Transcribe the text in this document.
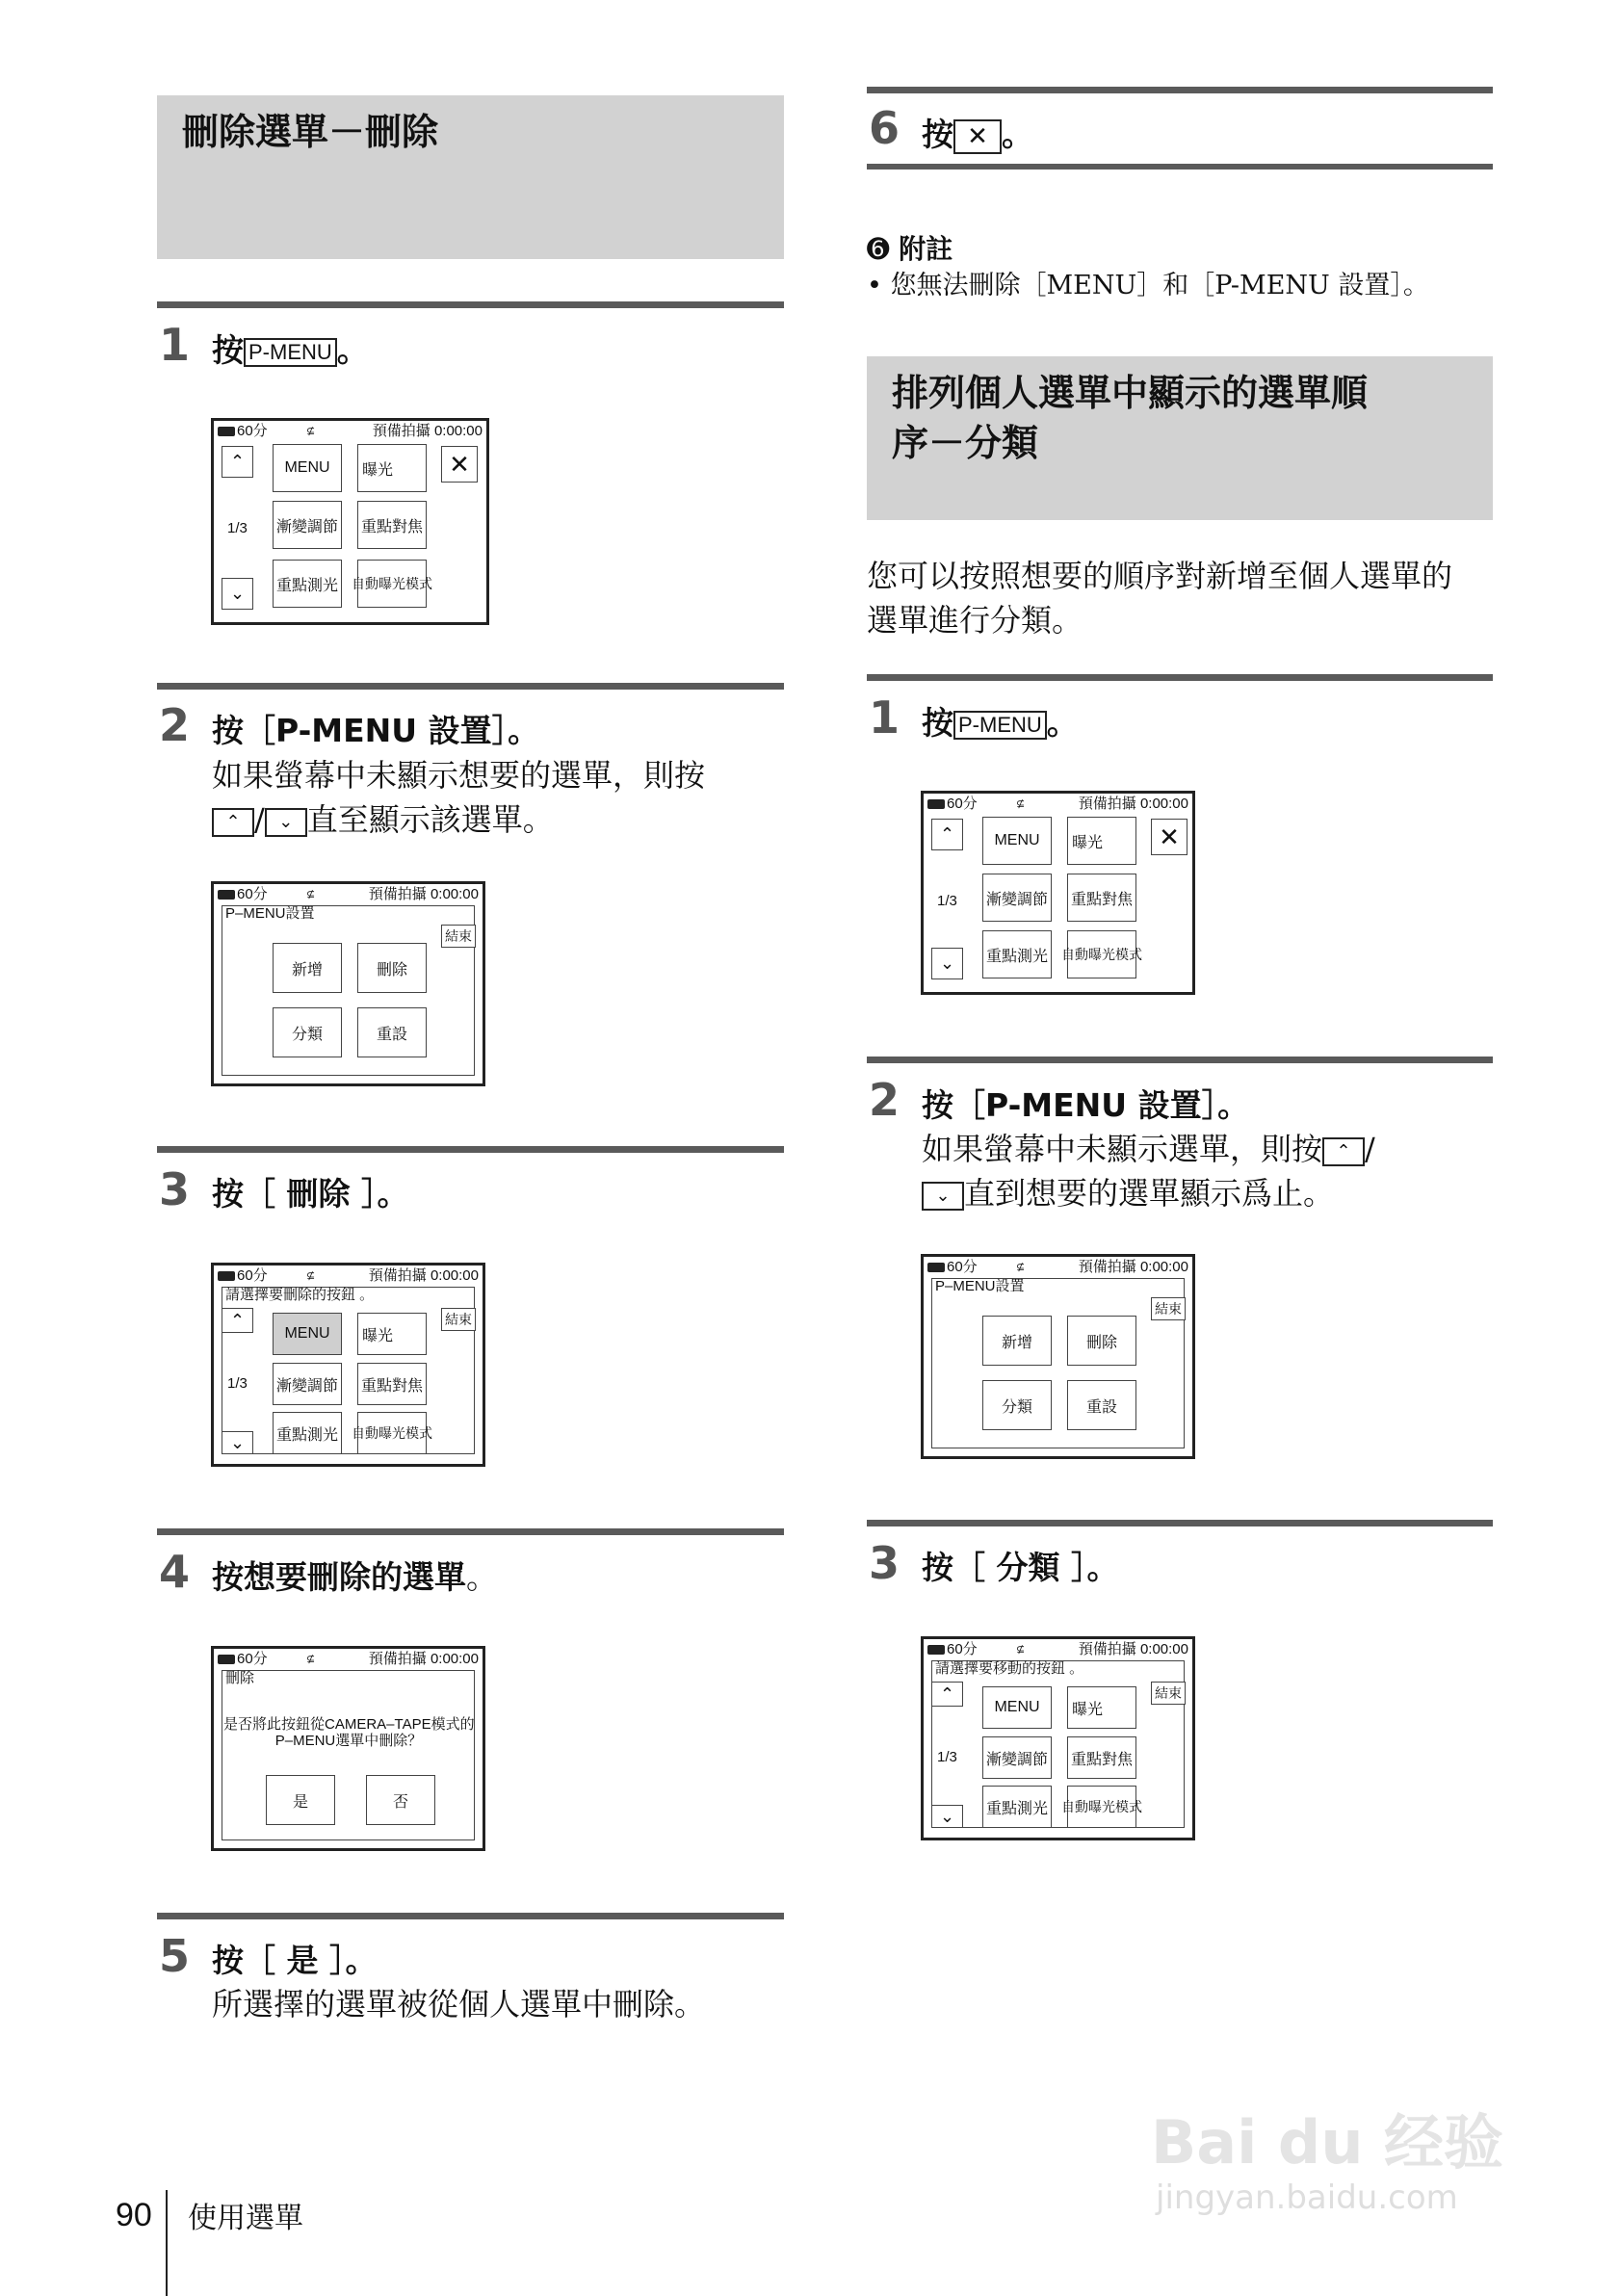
刪除選單－刪除
1 按 P-MENU 。
60分	⊈	預備拍攝 0:00:00
⌃
1/3
⌄
MENU	曝光	✕
漸變調節 重點對焦
重點測光 自動曝光模式
2 按［P-MENU 設置］。
如果螢幕中未顯示想要的選單，則按
⌃ / ⌄ 直至顯示該選單。
60分	⊈	預備拍攝 0:00:00
P–MENU設置
結束
新增	刪除
分類	重設
3 按［ 刪除 ］。
60分	⊈	預備拍攝 0:00:00
請選擇要刪除的按鈕 。
⌃	結束
1/3
⌄
MENU	曝光
漸變調節 重點對焦
重點測光 自動曝光模式
4 按想要刪除的選單。
60分	⊈	預備拍攝 0:00:00
刪除
是否將此按鈕從CAMERA–TAPE模式的
P–MENU選單中刪除？
是	否
5 按［ 是 ］。
所選擇的選單被從個人選單中刪除。
6 按 ✕ 。
➏ 附註
• 您無法刪除［MENU］和［P-MENU 設置］。
排列個人選單中顯示的選單順
序－分類
您可以按照想要的順序對新增至個人選單的
選單進行分類。
1 按 P-MENU 。
60分	⊈	預備拍攝 0:00:00
⌃
1/3
⌄
MENU	曝光	✕
漸變調節 重點對焦
重點測光 自動曝光模式
2 按［P-MENU 設置］。
如果螢幕中未顯示選單，則按 ⌃ /
⌄ 直到想要的選單顯示爲止。
60分	⊈	預備拍攝 0:00:00
P–MENU設置
結束
新增	刪除
分類	重設
3 按［ 分類 ］。
60分	⊈	預備拍攝 0:00:00
請選擇要移動的按鈕 。
⌃	結束
1/3
⌄
MENU	曝光
漸變調節 重點對焦
重點測光 自動曝光模式
Bai du 经验
jingyan.baidu.com
90 使用選單
